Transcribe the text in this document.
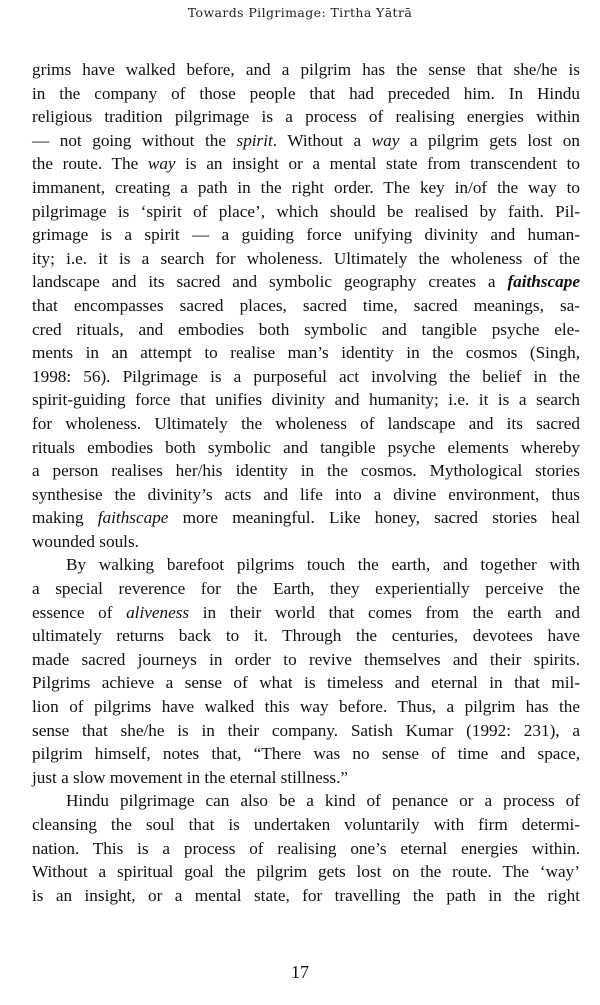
Towards Pilgrimage: Tirtha Yātrā
grims have walked before, and a pilgrim has the sense that she/he is
in the company of those people that had preceded him. In Hindu
religious tradition pilgrimage is a process of realising energies within
— not going without the spirit. Without a way a pilgrim gets lost on
the route. The way is an insight or a mental state from transcendent to
immanent, creating a path in the right order. The key in/of the way to
pilgrimage is ‘spirit of place’, which should be realised by faith. Pil-
grimage is a spirit — a guiding force unifying divinity and human-
ity; i.e. it is a search for wholeness. Ultimately the wholeness of the
landscape and its sacred and symbolic geography creates a faithscape
that encompasses sacred places, sacred time, sacred meanings, sa-
cred rituals, and embodies both symbolic and tangible psyche ele-
ments in an attempt to realise man’s identity in the cosmos (Singh,
1998: 56). Pilgrimage is a purposeful act involving the belief in the
spirit-guiding force that unifies divinity and humanity; i.e. it is a search
for wholeness. Ultimately the wholeness of landscape and its sacred
rituals embodies both symbolic and tangible psyche elements whereby
a person realises her/his identity in the cosmos. Mythological stories
synthesise the divinity’s acts and life into a divine environment, thus
making faithscape more meaningful. Like honey, sacred stories heal
wounded souls.
By walking barefoot pilgrims touch the earth, and together with
a special reverence for the Earth, they experientially perceive the
essence of aliveness in their world that comes from the earth and
ultimately returns back to it. Through the centuries, devotees have
made sacred journeys in order to revive themselves and their spirits.
Pilgrims achieve a sense of what is timeless and eternal in that mil-
lion of pilgrims have walked this way before. Thus, a pilgrim has the
sense that she/he is in their company. Satish Kumar (1992: 231), a
pilgrim himself, notes that, “There was no sense of time and space,
just a slow movement in the eternal stillness.”
Hindu pilgrimage can also be a kind of penance or a process of
cleansing the soul that is undertaken voluntarily with firm determi-
nation. This is a process of realising one’s eternal energies within.
Without a spiritual goal the pilgrim gets lost on the route. The ‘way’
is an insight, or a mental state, for travelling the path in the right
17
